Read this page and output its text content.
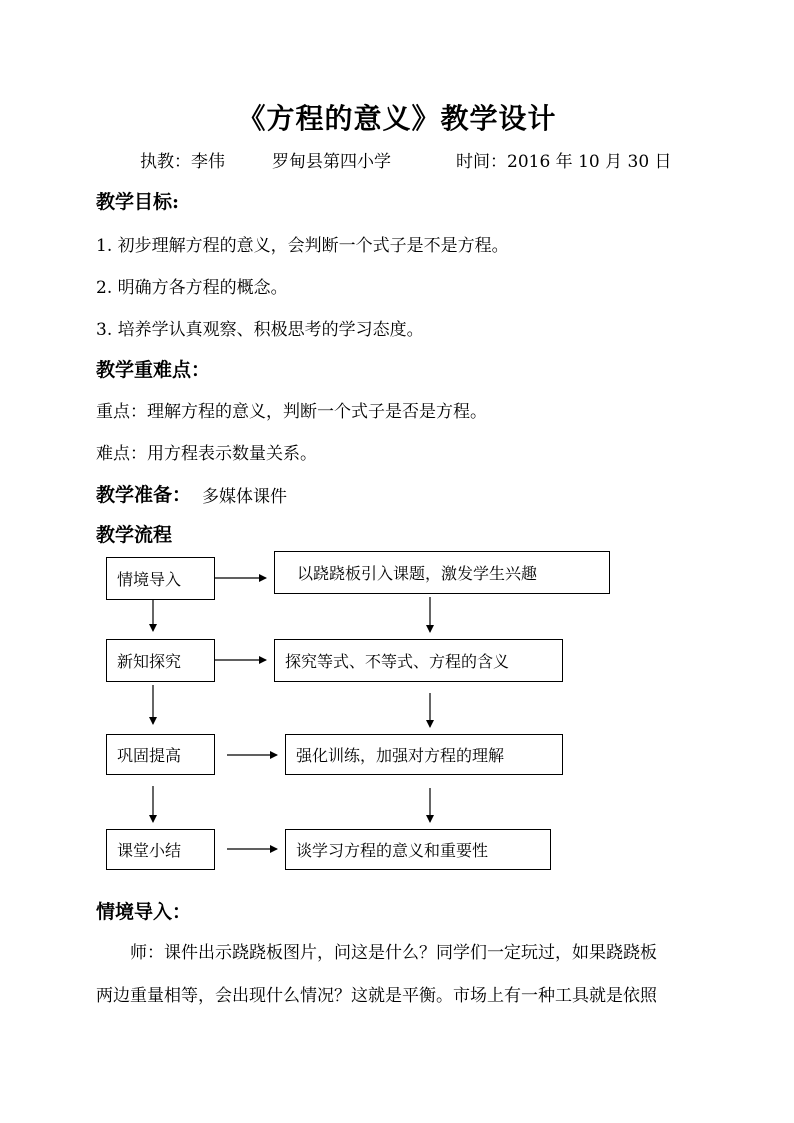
《方程的意义》教学设计
执教：李伟	罗甸县第四小学	时间：2016 年 10 月 30 日
教学目标:
1. 初步理解方程的意义，会判断一个式子是不是方程。
2. 明确方各方程的概念。
3. 培养学认真观察、积极思考的学习态度。
教学重难点：
重点：理解方程的意义，判断一个式子是否是方程。
难点：用方程表示数量关系。
教学准备： 多媒体课件
教学流程
情境导入	以跷跷板引入课题，激发学生兴趣
新知探究	探究等式、不等式、方程的含义
巩固提高	强化训练，加强对方程的理解
课堂小结	谈学习方程的意义和重要性
情境导入：
师：课件出示跷跷板图片，问这是什么？同学们一定玩过，如果跷跷板
两边重量相等，会出现什么情况？这就是平衡。市场上有一种工具就是依照
